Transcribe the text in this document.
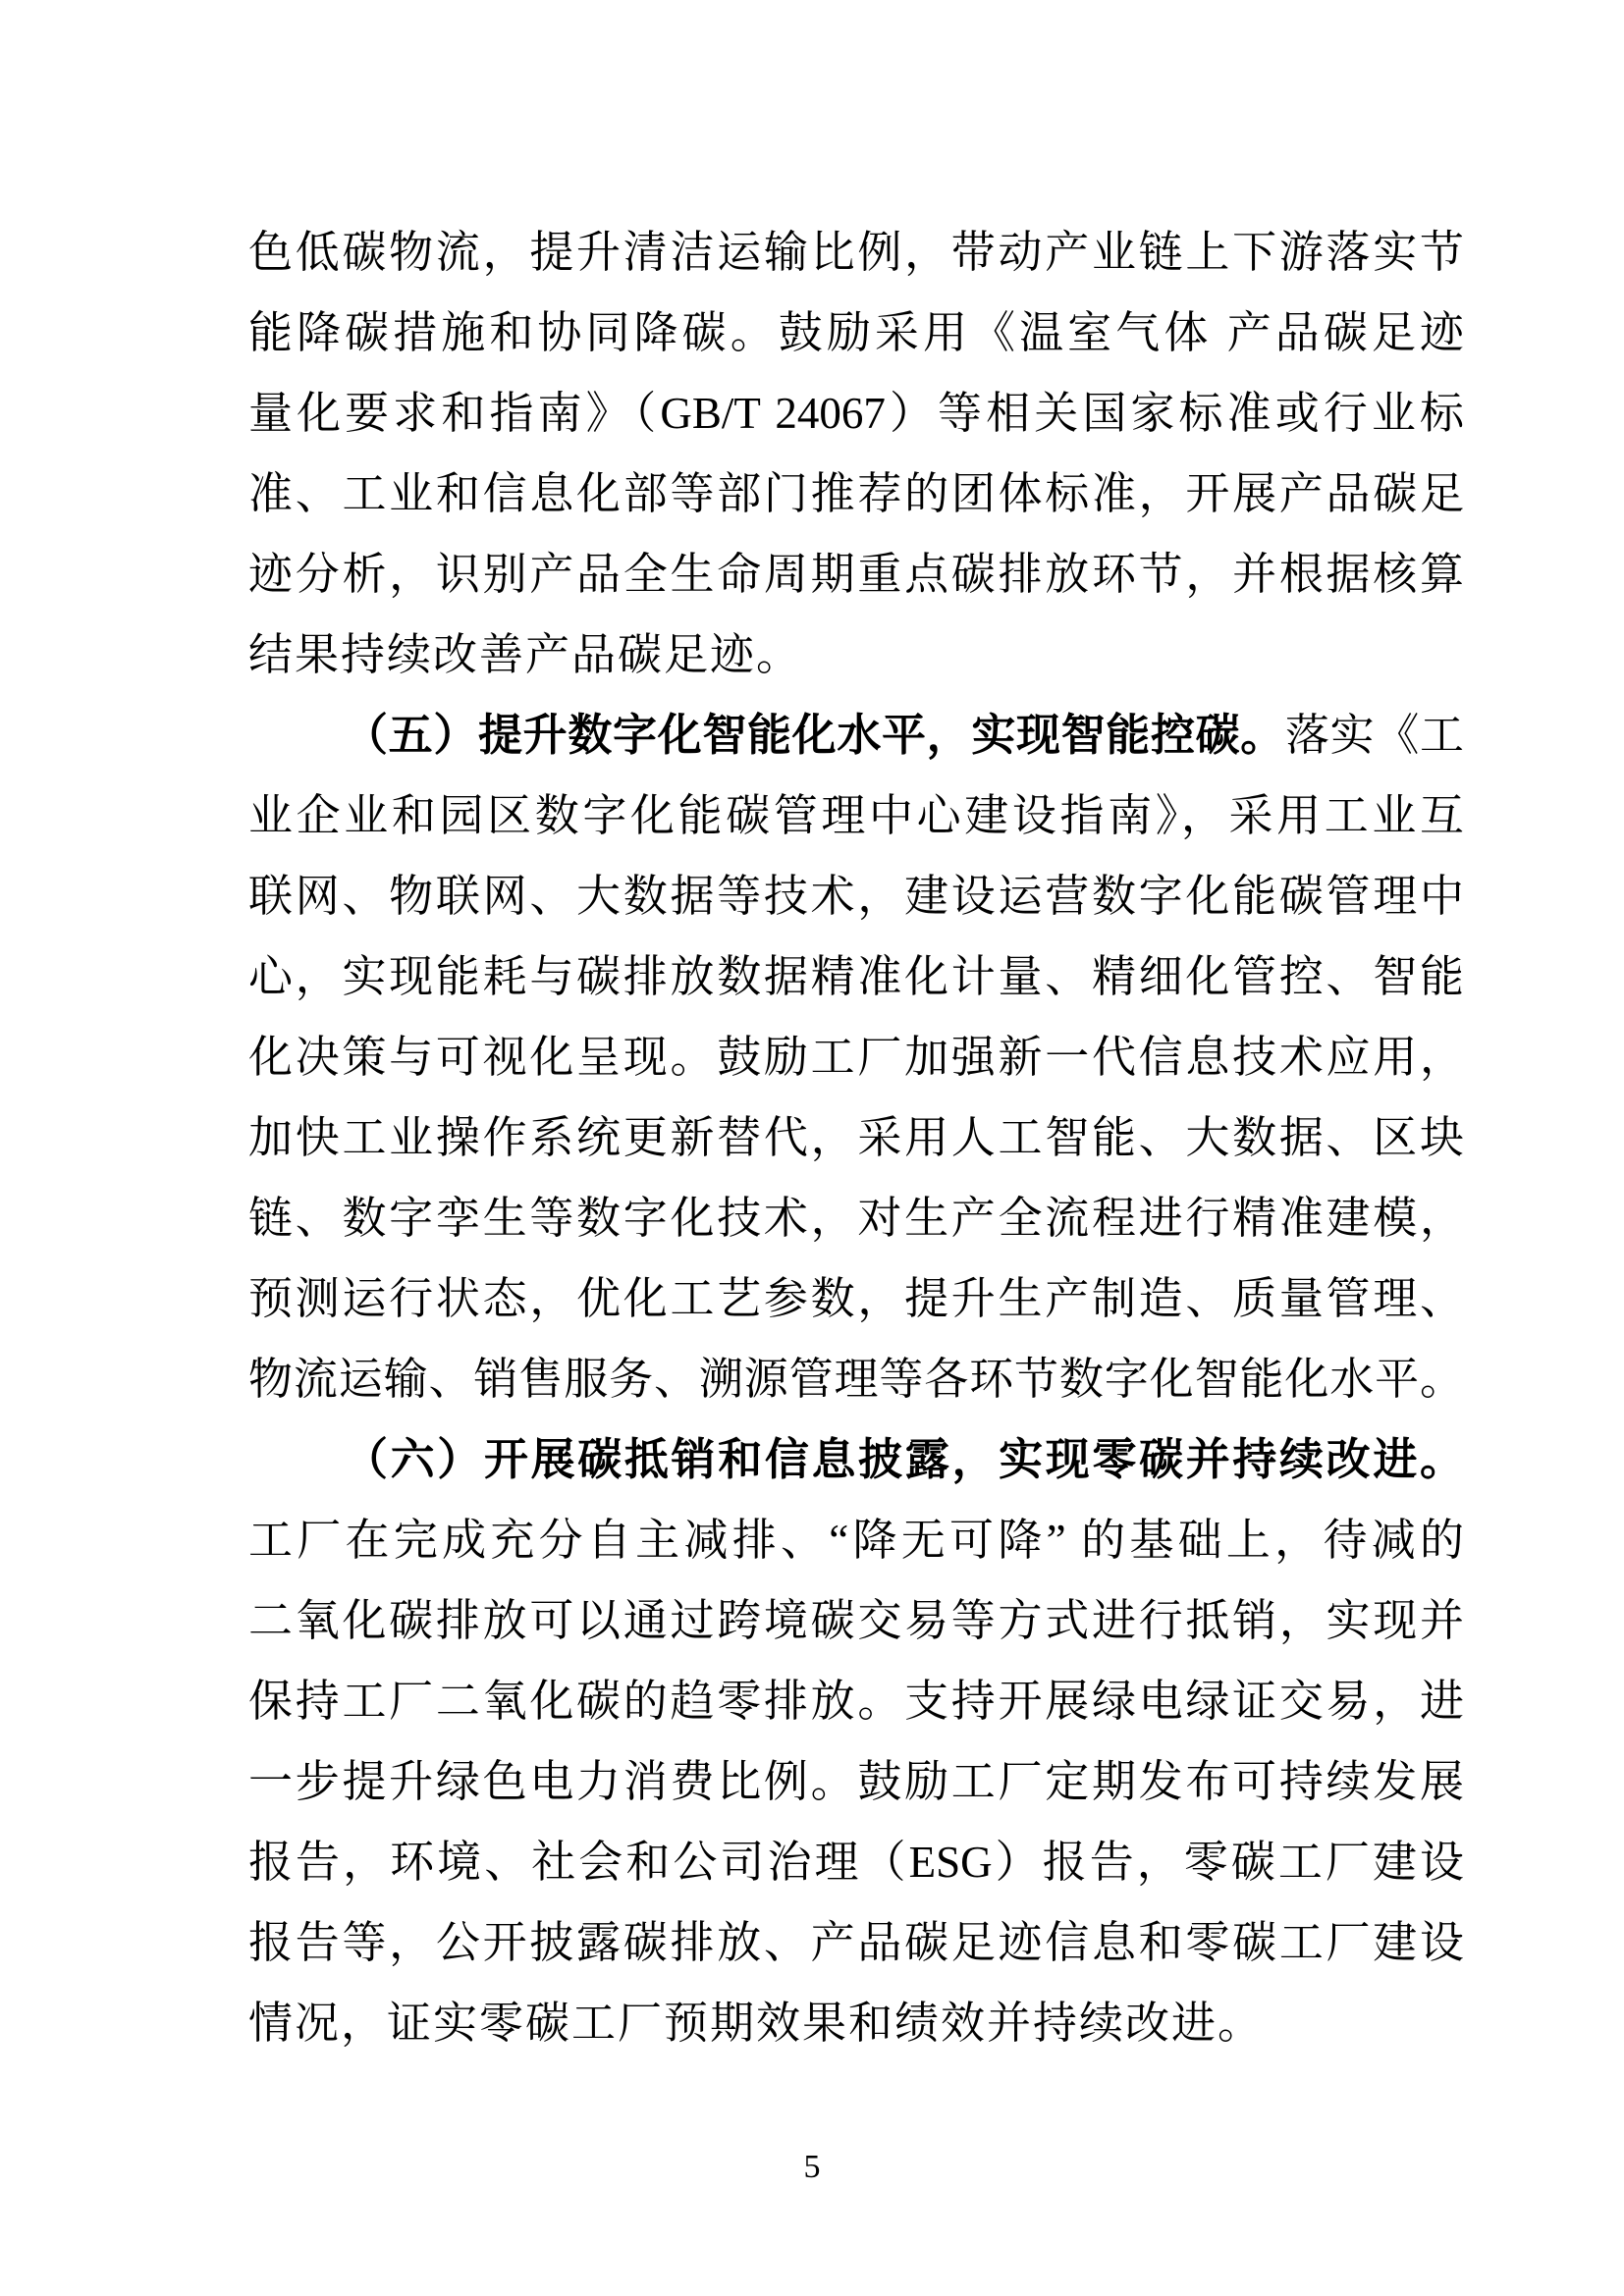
色低碳物流，提升清洁运输比例，带动产业链上下游落实节
能降碳措施和协同降碳。鼓励采用《温室气体 产品碳足迹
量化要求和指南》（GB/T 24067）等相关国家标准或行业标
准、工业和信息化部等部门推荐的团体标准，开展产品碳足
迹分析，识别产品全生命周期重点碳排放环节，并根据核算
结果持续改善产品碳足迹。
（五）提升数字化智能化水平，实现智能控碳。落实《工
业企业和园区数字化能碳管理中心建设指南》，采用工业互
联网、物联网、大数据等技术，建设运营数字化能碳管理中
心，实现能耗与碳排放数据精准化计量、精细化管控、智能
化决策与可视化呈现。鼓励工厂加强新一代信息技术应用，
加快工业操作系统更新替代，采用人工智能、大数据、区块
链、数字孪生等数字化技术，对生产全流程进行精准建模，
预测运行状态，优化工艺参数，提升生产制造、质量管理、
物流运输、销售服务、溯源管理等各环节数字化智能化水平。
（六）开展碳抵销和信息披露，实现零碳并持续改进。
工厂在完成充分自主减排、“降无可降” 的基础上，待减的
二氧化碳排放可以通过跨境碳交易等方式进行抵销，实现并
保持工厂二氧化碳的趋零排放。支持开展绿电绿证交易，进
一步提升绿色电力消费比例。鼓励工厂定期发布可持续发展
报告，环境、社会和公司治理（ESG）报告，零碳工厂建设
报告等，公开披露碳排放、产品碳足迹信息和零碳工厂建设
情况，证实零碳工厂预期效果和绩效并持续改进。
5
